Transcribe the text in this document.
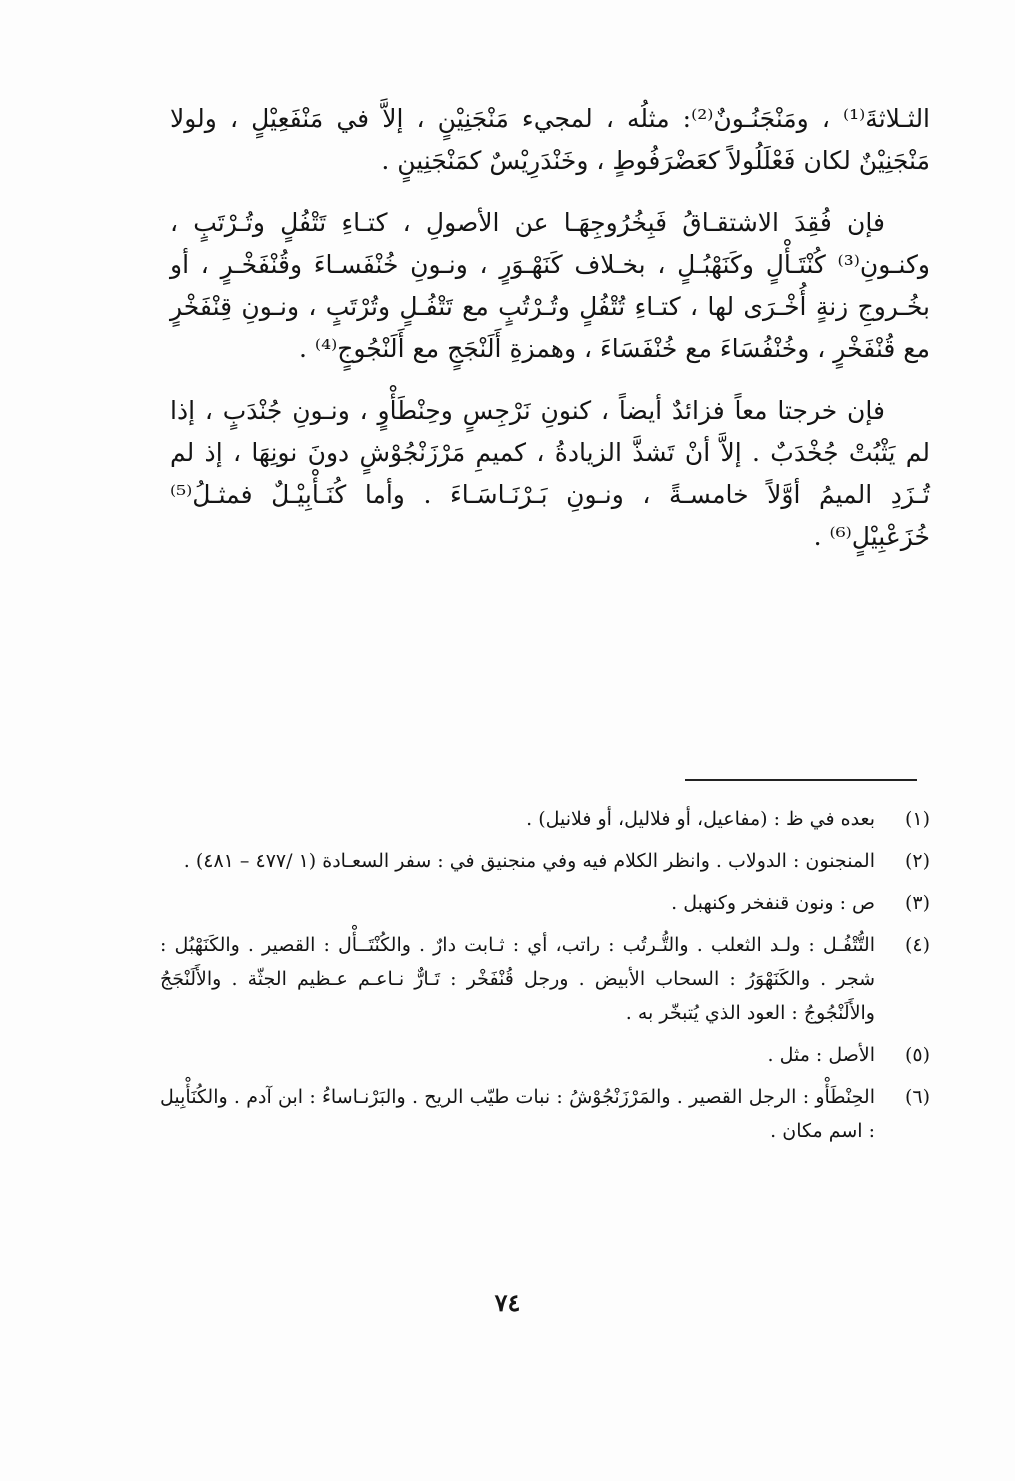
الثـلاثةَ⁽¹⁾ ، ومَنْجَنُـونٌ⁽²⁾: مثلُه ، لمجيء مَنْجَنِيْنٍ ، إلاَّ في مَنْفَعِيْلٍ ، ولولا مَنْجَنِيْنٌ لكان فَعْلَلُولاً كعَضْرَفُوطٍ ، وخَنْدَرِيْسٌ كمَنْجَنِينٍ .

فإن فُقِدَ الاشتقـاقُ فَبِخُرُوجِهَـا عن الأصولِ ، كتـاءِ تَتْفُلٍ وتُـرْتَبٍ ، وكنـونِ⁽³⁾ كُنْتَـأْلٍ وكَنَهْبُـلٍ ، بخـلاف كَنَهْـوَرٍ ، ونـونِ خُنْفَسـاءَ وقُنْفَخْـرٍ ، أو بخُـروجِ زنةٍ أُخْـرَى لها ، كتـاءِ تُتْفُلٍ وتُـرْتُبٍ مع تَتْفُـلٍ وتُرْتَبٍ ، ونـونِ قِنْفَخْرٍ مع قُنْفَخْرٍ ، وخُنْفُسَاءَ مع خُنْفَسَاءَ ، وهمزةِ أَلَنْجَجٍ مع أَلَنْجُوجٍ⁽⁴⁾ .

فإن خرجتا معاً فزائدٌ أيضاً ، كنونِ نَرْجِسٍ وحِنْطَأْوٍ ، ونـونِ جُنْدَبٍ ، إذا لم يَثْبُتْ جُخْدَبٌ . إلاَّ أنْ تَشذَّ الزيادةُ ، كميمِ مَرْزَنْجُوْشٍ دونَ نونِهَا ، إذ لم تُـزَدِ الميمُ أوَّلاً خامسـةً ، ونـونِ بَـرْنَـاسَـاءَ . وأما كُنَـأْبِيْـلٌ فمثـلُ⁽⁵⁾ خُزَعْبِيْلٍ⁽⁶⁾ .

(١)
بعده في ظ : (مفاعيل، أو فلاليل، أو فلانيل) .
(٢)
المنجنون : الدولاب . وانظر الكلام فيه وفي منجنيق في : سفر السعـادة (١ /٤٧٧ – ٤٨١) .
(٣)
ص : ونون قنفخر وكنهبل .
(٤)
التُّتْفُـل : ولـد الثعلب . والتُّـرتُب : راتب، أي : ثـابت دارٌ . والكُنْتَــأْل : القصير . والكَنَهْبُل : شجر . والكَنَهْوَرُ : السحاب الأبيض . ورجل قُنْفَخْر : تَـارٌّ نـاعـم عـظيم الجثّة . والأَلَنْجَجُ والأَلَنْجُوجُ : العود الذي يُتبخّر به .
(٥)
الأصل : مثل .
(٦)
الحِنْطَأْو : الرجل القصير . والمَرْزَنْجُوْشُ : نبات طيّب الريح . والبَرْنـاساءُ : ابن آدم . والكُنَأْبِيل : اسم مكان .
٧٤
